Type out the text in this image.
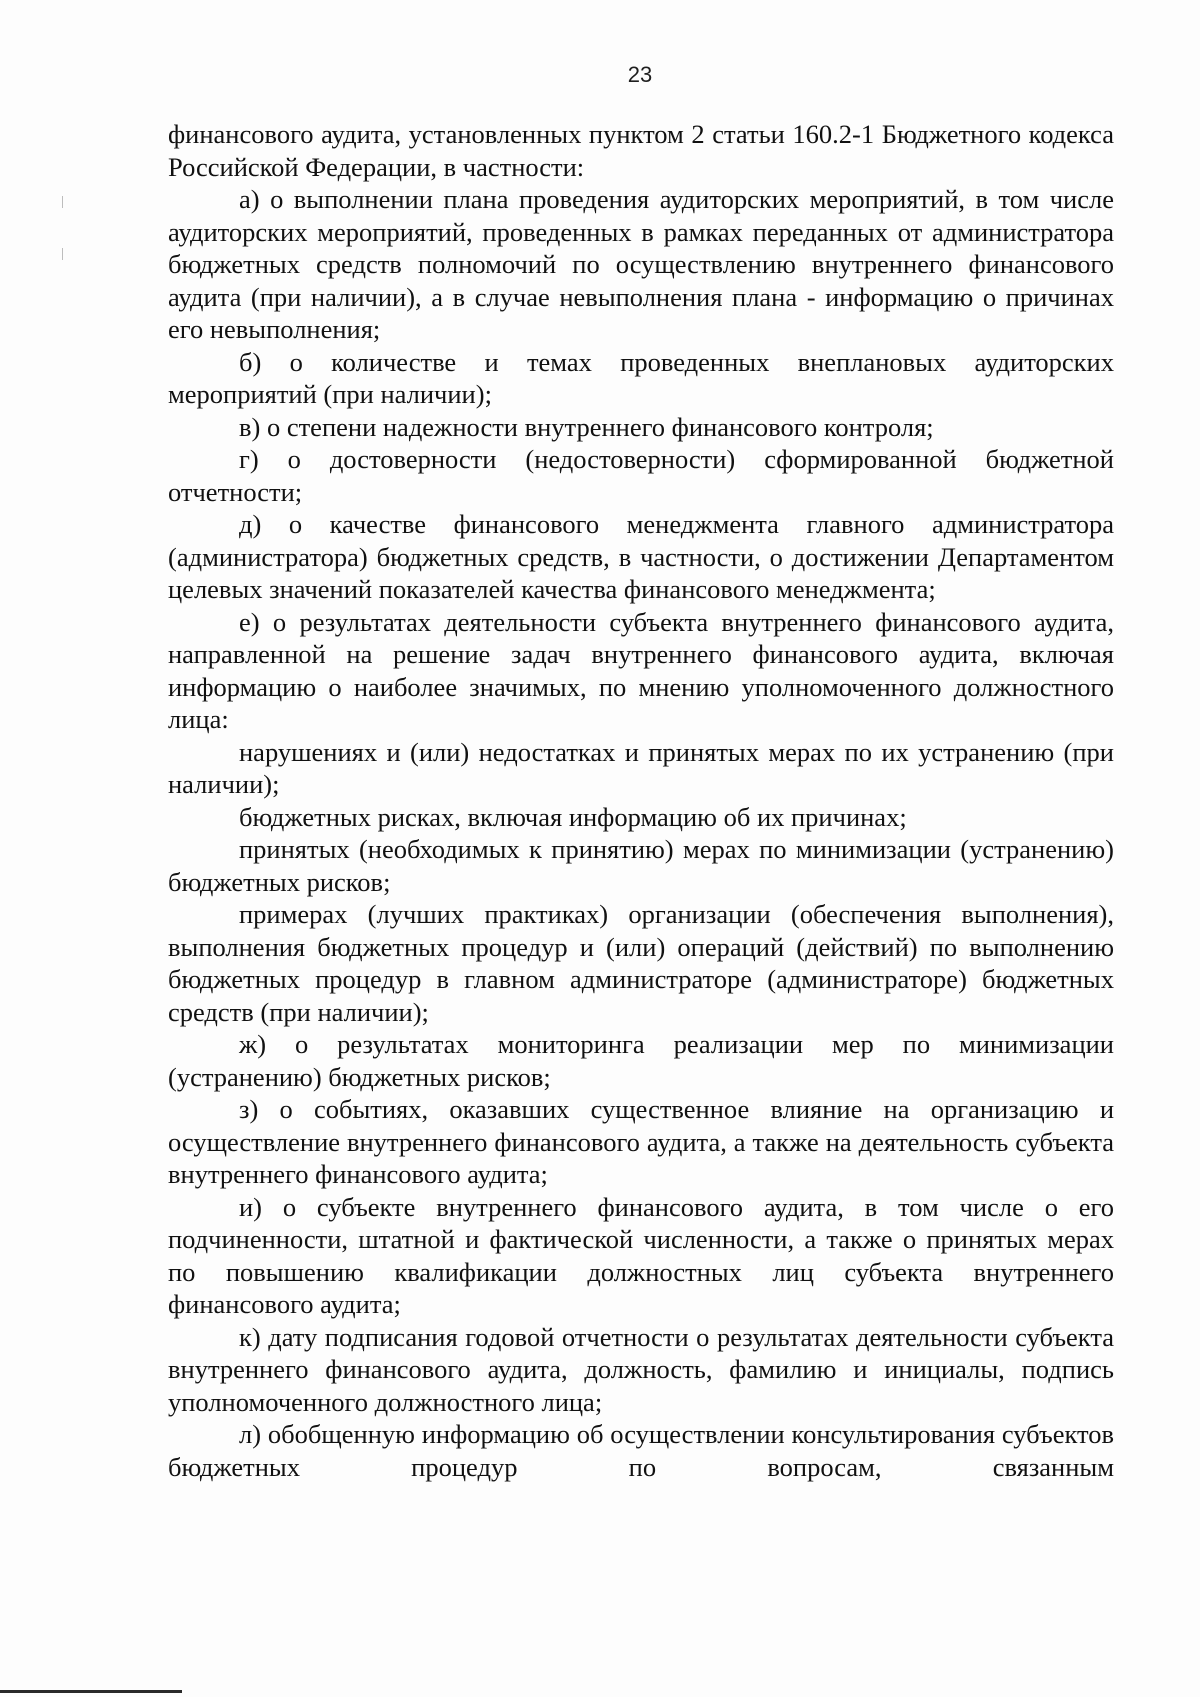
23

финансового аудита, установленных пунктом 2 статьи 160.2-1 Бюджетного кодекса Российской Федерации, в частности:

а) о выполнении плана проведения аудиторских мероприятий, в том числе аудиторских мероприятий, проведенных в рамках переданных от администратора бюджетных средств полномочий по осуществлению внутреннего финансового аудита (при наличии), а в случае невыполнения плана - информацию о причинах его невыполнения;

б) о количестве и темах проведенных внеплановых аудиторских мероприятий (при наличии);

в) о степени надежности внутреннего финансового контроля;

г) о достоверности (недостоверности) сформированной бюджетной отчетности;

д) о качестве финансового менеджмента главного администратора (администратора) бюджетных средств, в частности, о достижении Департаментом целевых значений показателей качества финансового менеджмента;

е) о результатах деятельности субъекта внутреннего финансового аудита, направленной на решение задач внутреннего финансового аудита, включая информацию о наиболее значимых, по мнению уполномоченного должностного лица:

нарушениях и (или) недостатках и принятых мерах по их устранению (при наличии);

бюджетных рисках, включая информацию об их причинах;

принятых (необходимых к принятию) мерах по минимизации (устранению) бюджетных рисков;

примерах (лучших практиках) организации (обеспечения выполнения), выполнения бюджетных процедур и (или) операций (действий) по выполнению бюджетных процедур в главном администраторе (администраторе) бюджетных средств (при наличии);

ж) о результатах мониторинга реализации мер по минимизации (устранению) бюджетных рисков;

з) о событиях, оказавших существенное влияние на организацию и осуществление внутреннего финансового аудита, а также на деятельность субъекта внутреннего финансового аудита;

и) о субъекте внутреннего финансового аудита, в том числе о его подчиненности, штатной и фактической численности, а также о принятых мерах по повышению квалификации должностных лиц субъекта внутреннего финансового аудита;

к) дату подписания годовой отчетности о результатах деятельности субъекта внутреннего финансового аудита, должность, фамилию и инициалы, подпись уполномоченного должностного лица;

л) обобщенную информацию об осуществлении консультирования субъектов бюджетных процедур по вопросам, связанным
